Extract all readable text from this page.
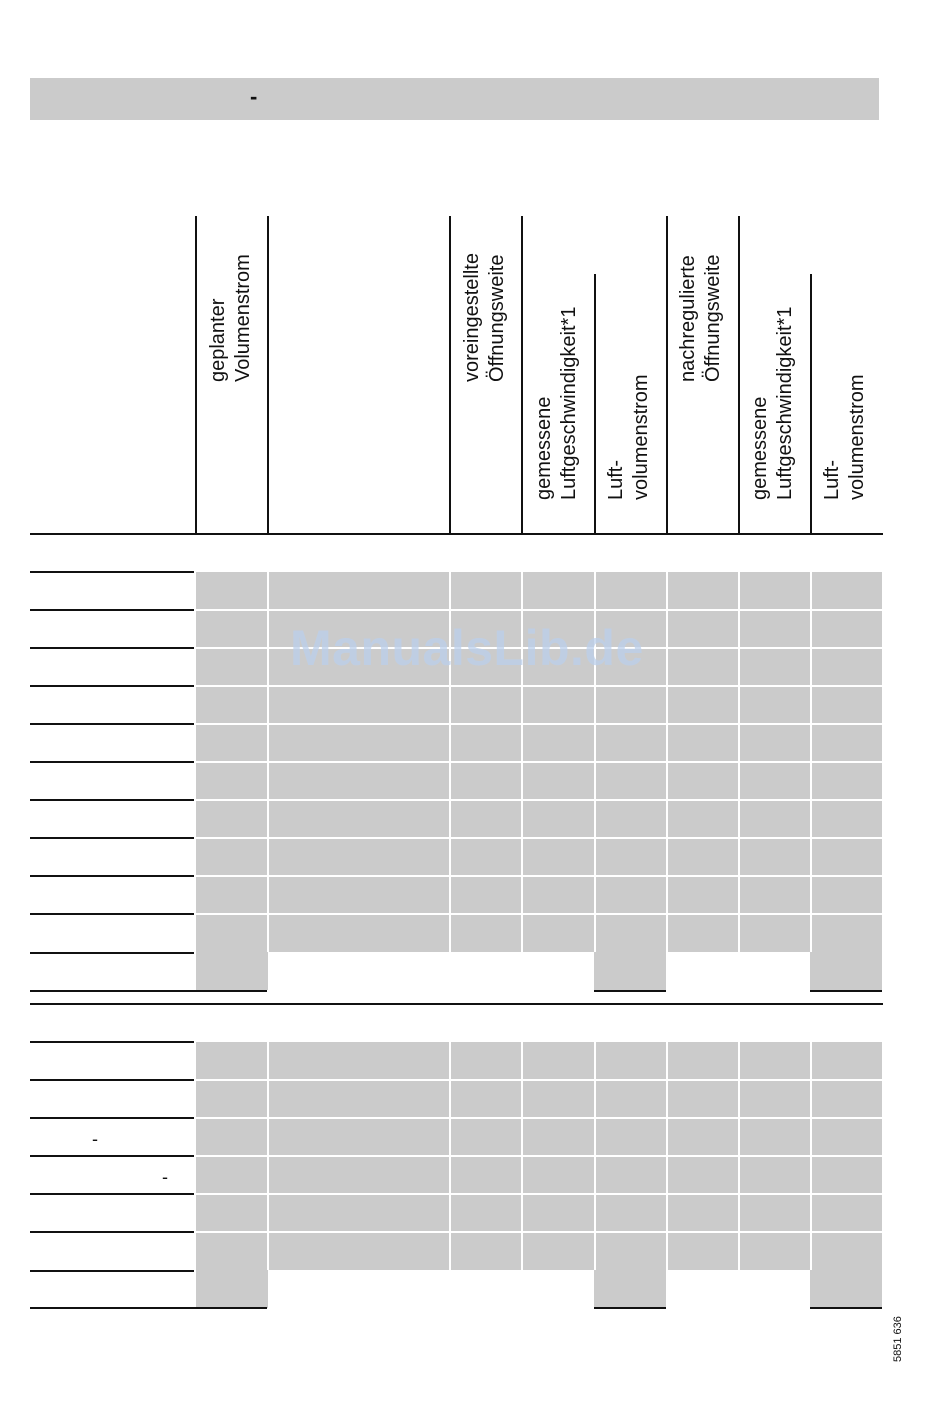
-
geplanter
Volumenstrom	voreingestellte
Öffnungsweite
gemessene
Luftgeschwindigkeit*1 Luft-
volumenstrom
nachregulierte
Öffnungsweite
gemessene
Luftgeschwindigkeit*1 Luft-
volumenstrom
-
-
ManualsLib.de
5851 636
